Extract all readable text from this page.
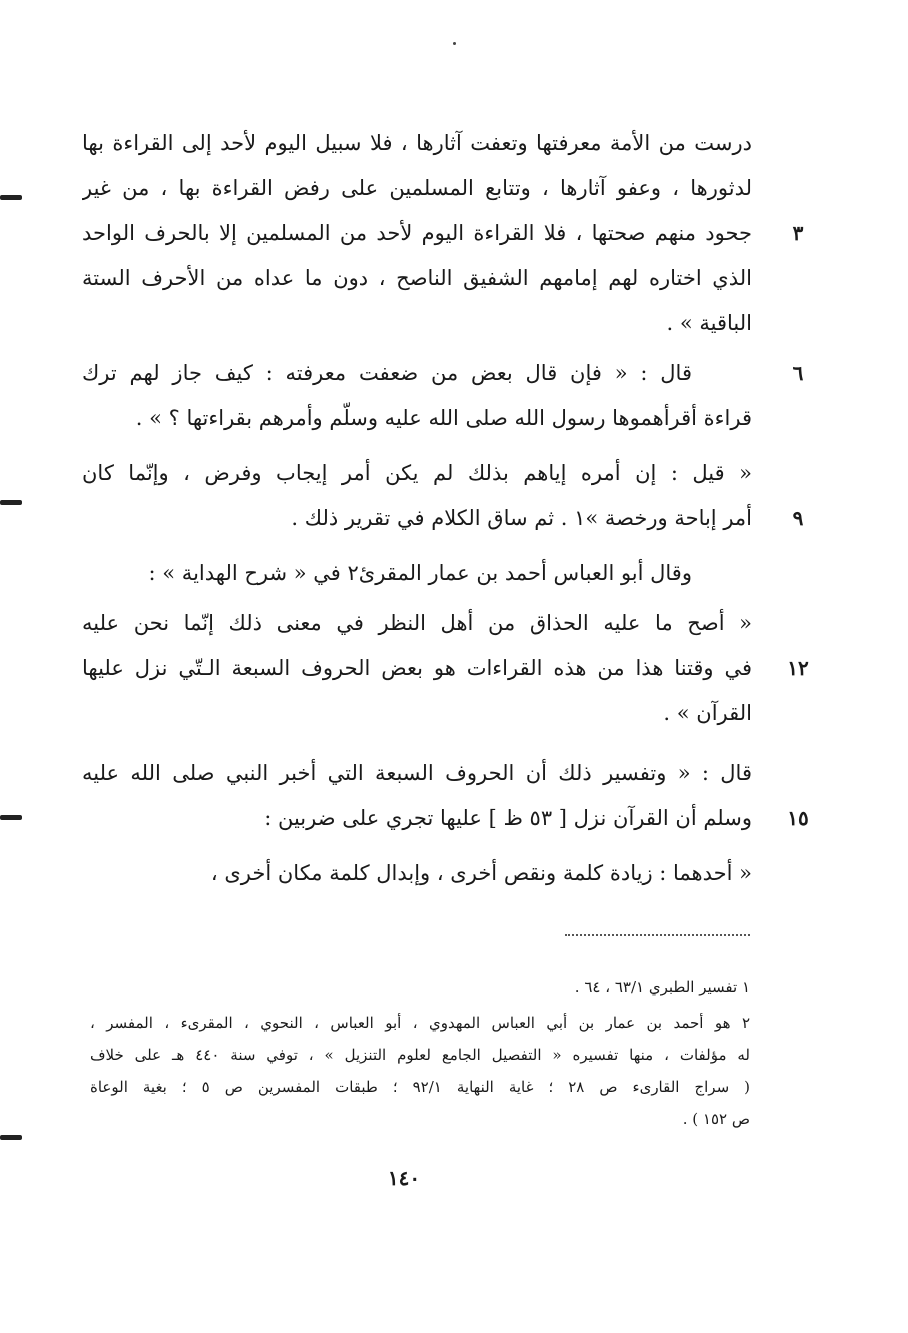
درست من الأمة معرفتها وتعفت آثارها ، فلا سبيل اليوم لأحد إلى القراءة بها
لدثورها ، وعفو آثارها ، وتتابع المسلمين على رفض القراءة بها ، من غير
جحود منهم صحتها ، فلا القراءة اليوم لأحد من المسلمين إلا بالحرف الواحد
الذي اختاره لهم إمامهم الشفيق الناصح ، دون ما عداه من الأحرف الستة
الباقية » .
قال : « فإن قال بعض من ضعفت معرفته : كيف جاز لهم ترك
قراءة أقرأهموها رسول الله صلى الله عليه وسلّم وأمرهم بقراءتها ؟ » .
« قيل : إن أمره إياهم بذلك لم يكن أمر إيجاب وفرض ، وإنّما كان
أمر إباحة ورخصة »١ . ثم ساق الكلام في تقرير ذلك .
وقال أبو العباس أحمد بن عمار المقرئ٢ في « شرح الهداية » :
« أصح ما عليه الحذاق من أهل النظر في معنى ذلك إنّما نحن عليه
في وقتنا هذا من هذه القراءات هو بعض الحروف السبعة الـتّي نزل عليها
القرآن » .
قال : « وتفسير ذلك أن الحروف السبعة التي أخبر النبي صلى الله عليه
وسلم أن القرآن نزل [ ٥٣ ظ ] عليها تجري على ضربين :
« أحدهما : زيادة كلمة ونقص أخرى ، وإبدال كلمة مكان أخرى ،
٣
٦
٩
١٢
١٥
١ تفسير الطبري ٦٣/١ ، ٦٤ .
٢ هو أحمد بن عمار بن أبي العباس المهدوي ، أبو العباس ، النحوي ، المقرىء ، المفسر ،
له مؤلفات ، منها تفسيره « التفصيل الجامع لعلوم التنزيل » ، توفي سنة ٤٤٠ هـ على خلاف
( سراج القارىء ص ٢٨ ؛ غاية النهاية ٩٢/١ ؛ طبقات المفسرين ص ٥ ؛ بغية الوعاة
ص ١٥٢ ) .
١٤٠
